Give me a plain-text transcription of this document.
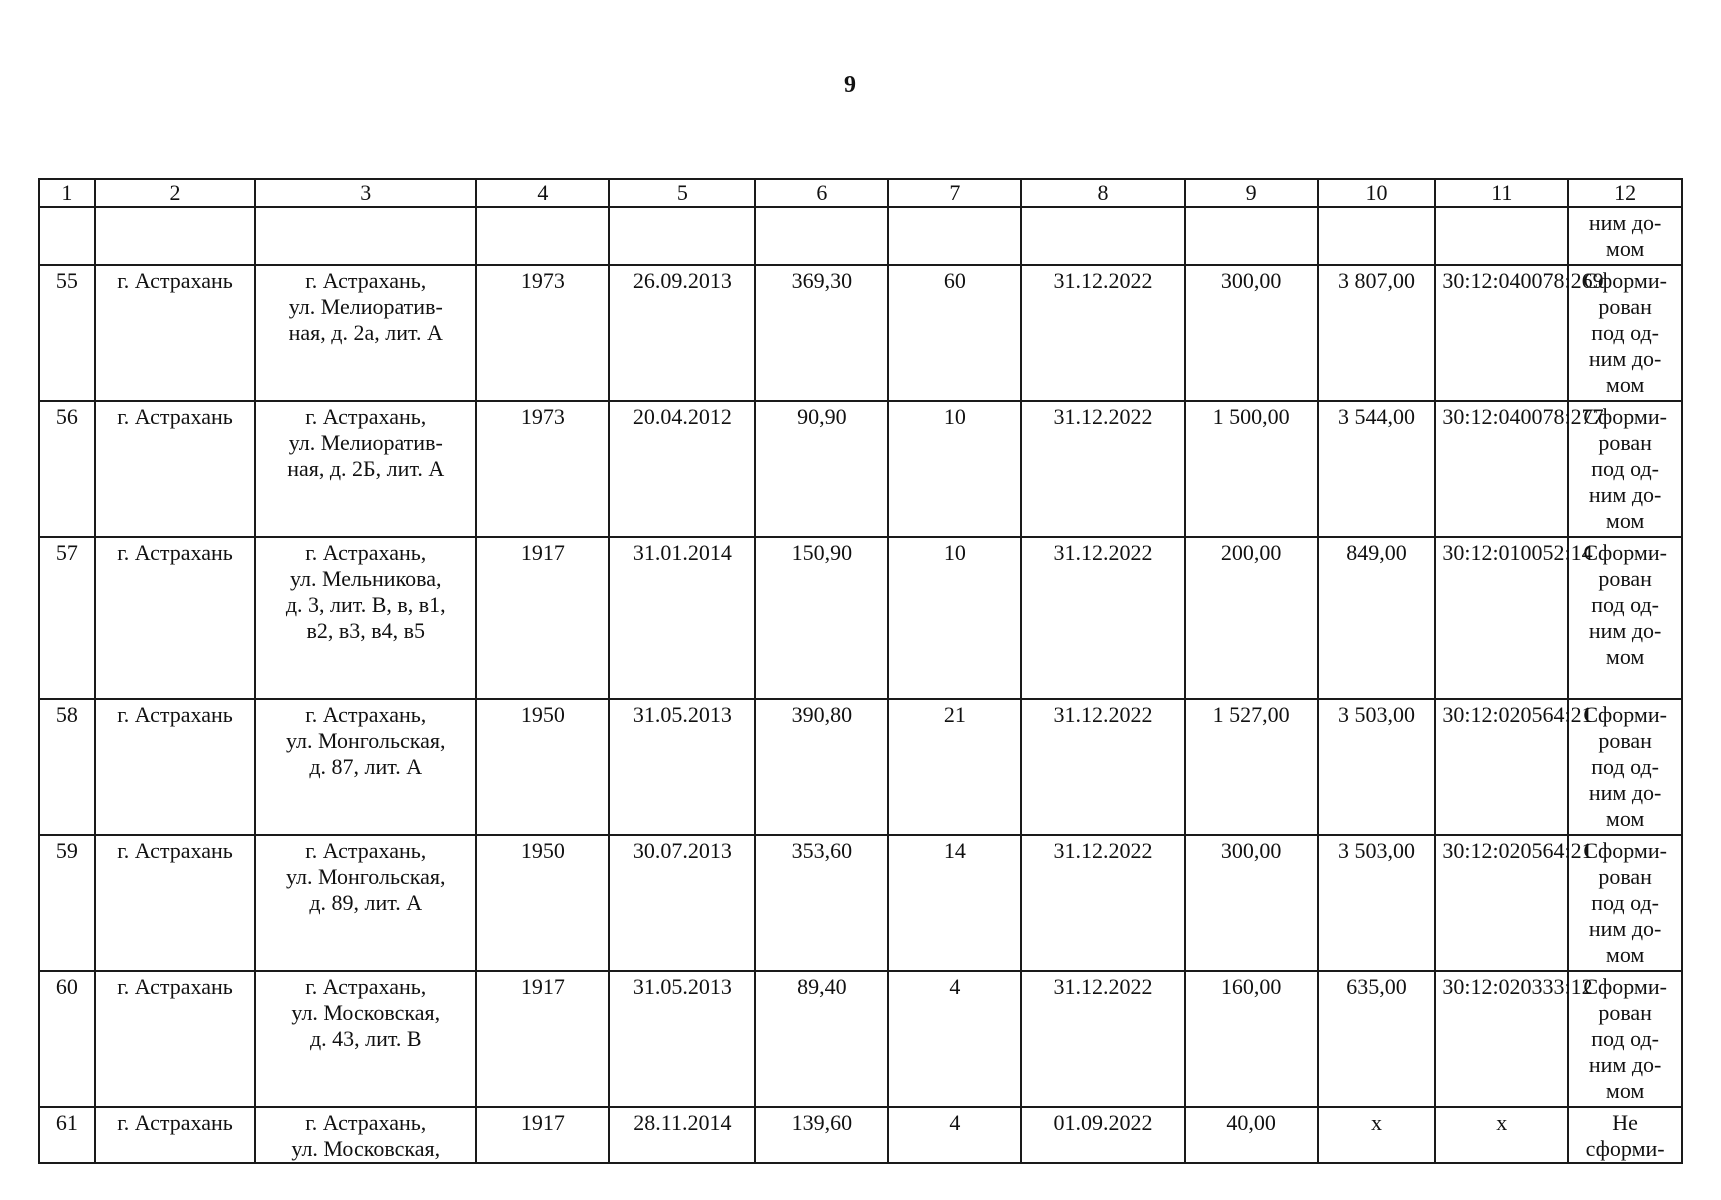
9
1	2	3	4	5	6	7	8	9	10	11	12

											ним до-
мом

55	г. Астрахань	г. Астрахань,
ул. Мелиоратив-
ная, д. 2а, лит. А	1973	26.09.2013	369,30	60	31.12.2022	300,00	3 807,00	30:12:040078:269	Сформи-
рован
под од-
ним до-
мом

56	г. Астрахань	г. Астрахань,
ул. Мелиоратив-
ная, д. 2Б, лит. А	1973	20.04.2012	90,90	10	31.12.2022	1 500,00	3 544,00	30:12:040078:277	Сформи-
рован
под од-
ним до-
мом

57	г. Астрахань	г. Астрахань,
ул. Мельникова,
д. 3, лит. В, в, в1,
в2, в3, в4, в5	1917	31.01.2014	150,90	10	31.12.2022	200,00	849,00	30:12:010052:14	Сформи-
рован
под од-
ним до-
мом

58	г. Астрахань	г. Астрахань,
ул. Монгольская,
д. 87, лит. А	1950	31.05.2013	390,80	21	31.12.2022	1 527,00	3 503,00	30:12:020564:21	Сформи-
рован
под од-
ним до-
мом

59	г. Астрахань	г. Астрахань,
ул. Монгольская,
д. 89, лит. А	1950	30.07.2013	353,60	14	31.12.2022	300,00	3 503,00	30:12:020564:21	Сформи-
рован
под од-
ним до-
мом

60	г. Астрахань	г. Астрахань,
ул. Московская,
д. 43, лит. В	1917	31.05.2013	89,40	4	31.12.2022	160,00	635,00	30:12:020333:12	Сформи-
рован
под од-
ним до-
мом

61	г. Астрахань	г. Астрахань,
ул. Московская,	1917	28.11.2014	139,60	4	01.09.2022	40,00	x	x	Не
сформи-
